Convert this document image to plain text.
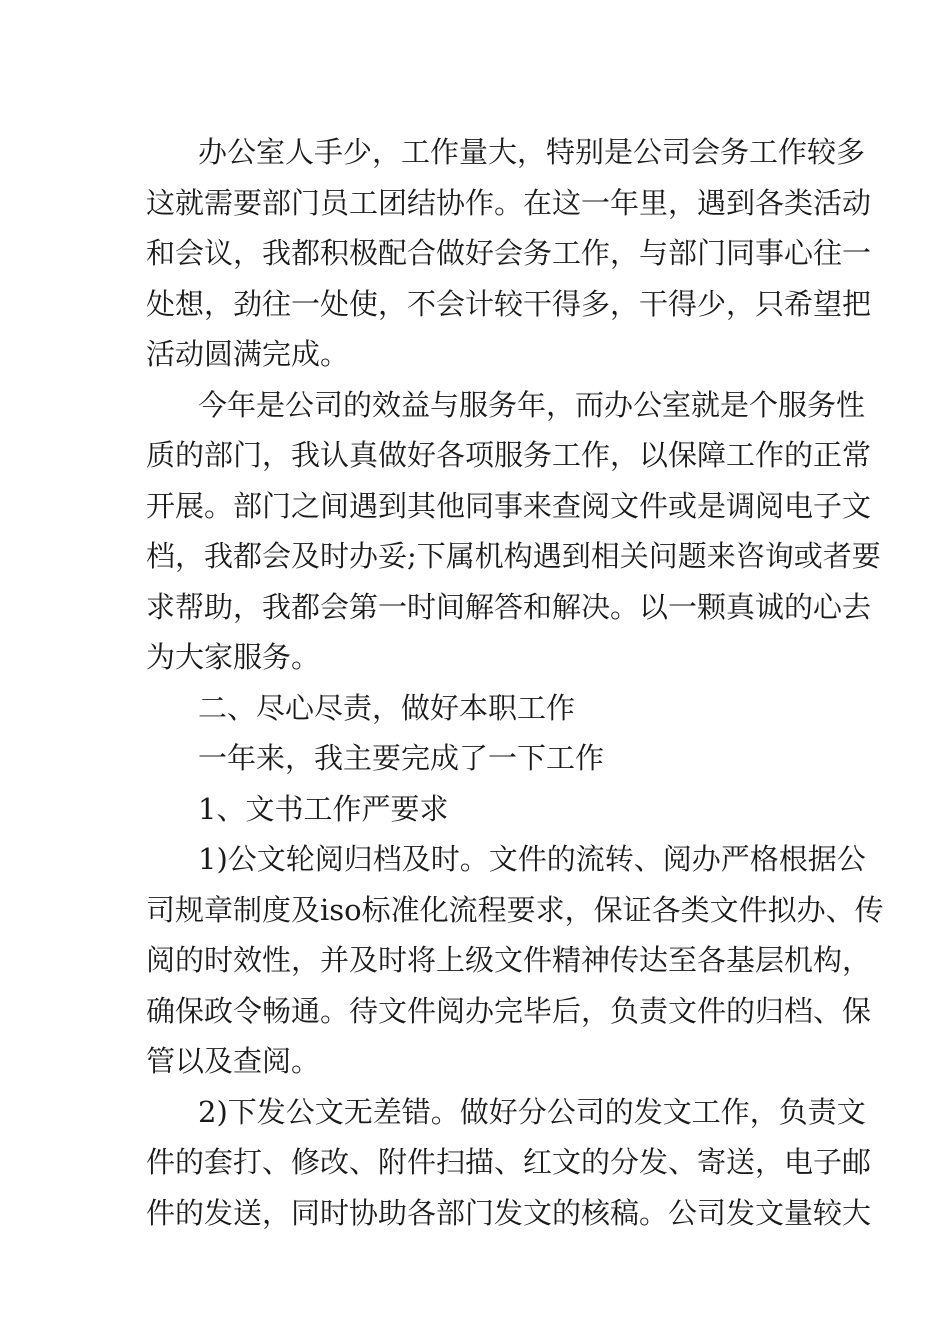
办公室人手少，工作量大，特别是公司会务工作较多
这就需要部门员工团结协作。在这一年里，遇到各类活动
和会议，我都积极配合做好会务工作，与部门同事心往一
处想，劲往一处使，不会计较干得多，干得少，只希望把
活动圆满完成。
今年是公司的效益与服务年，而办公室就是个服务性
质的部门，我认真做好各项服务工作，以保障工作的正常
开展。部门之间遇到其他同事来查阅文件或是调阅电子文
档，我都会及时办妥;下属机构遇到相关问题来咨询或者要
求帮助，我都会第一时间解答和解决。以一颗真诚的心去
为大家服务。
二、尽心尽责，做好本职工作
一年来，我主要完成了一下工作
1、文书工作严要求
1)公文轮阅归档及时。文件的流转、阅办严格根据公
司规章制度及iso标准化流程要求，保证各类文件拟办、传
阅的时效性，并及时将上级文件精神传达至各基层机构，
确保政令畅通。待文件阅办完毕后，负责文件的归档、保
管以及查阅。
2)下发公文无差错。做好分公司的发文工作，负责文
件的套打、修改、附件扫描、红文的分发、寄送，电子邮
件的发送，同时协助各部门发文的核稿。公司发文量较大
